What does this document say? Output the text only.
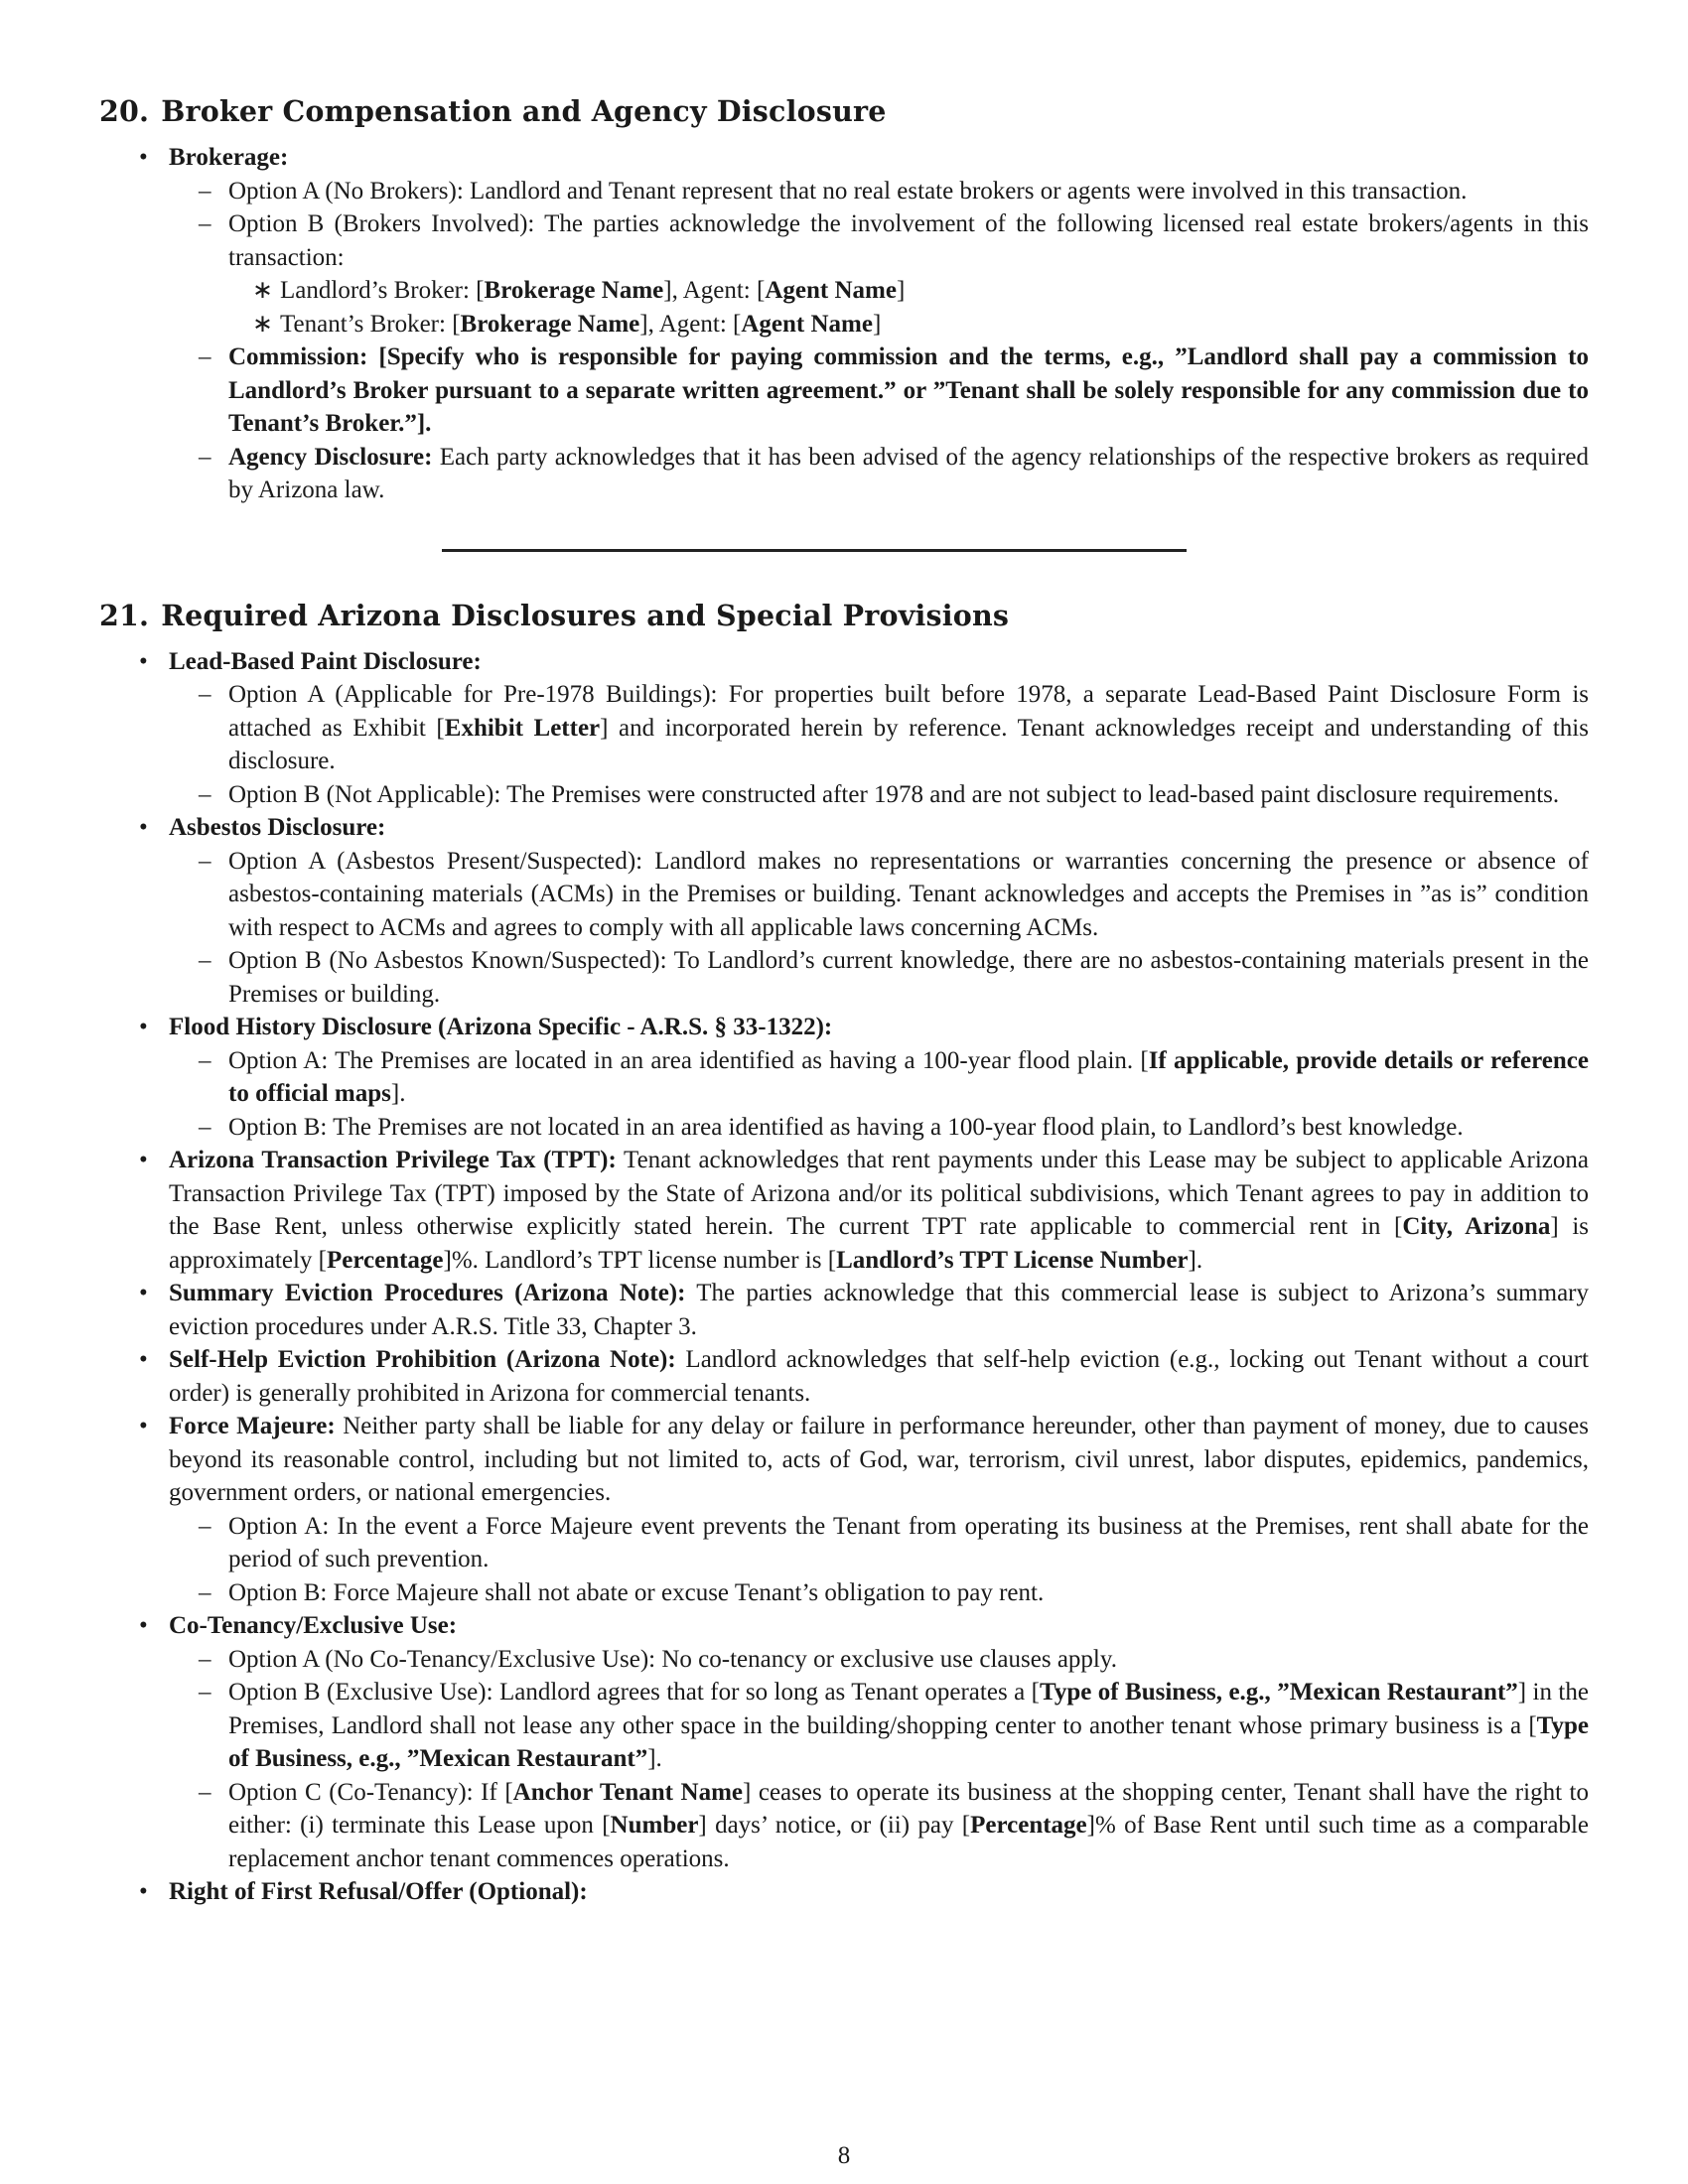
20. Broker Compensation and Agency Disclosure
• Brokerage:
– Option A (No Brokers): Landlord and Tenant represent that no real estate brokers or agents were involved in this transaction.
– Option B (Brokers Involved): The parties acknowledge the involvement of the following licensed real estate brokers/agents in this transaction:
∗ Landlord’s Broker: [Brokerage Name], Agent: [Agent Name]
∗ Tenant’s Broker: [Brokerage Name], Agent: [Agent Name]
– Commission: [Specify who is responsible for paying commission and the terms, e.g., ”Landlord shall pay a commission to Landlord’s Broker pursuant to a separate written agreement.” or ”Tenant shall be solely responsible for any commission due to Tenant’s Broker.”].
– Agency Disclosure: Each party acknowledges that it has been advised of the agency relationships of the respective brokers as required by Arizona law.
21. Required Arizona Disclosures and Special Provisions
• Lead-Based Paint Disclosure:
– Option A (Applicable for Pre-1978 Buildings): For properties built before 1978, a separate Lead-Based Paint Disclosure Form is attached as Exhibit [Exhibit Letter] and incorporated herein by reference. Tenant acknowledges receipt and understanding of this disclosure.
– Option B (Not Applicable): The Premises were constructed after 1978 and are not subject to lead-based paint disclosure requirements.
• Asbestos Disclosure:
– Option A (Asbestos Present/Suspected): Landlord makes no representations or warranties concerning the presence or absence of asbestos-containing materials (ACMs) in the Premises or building. Tenant acknowledges and accepts the Premises in ”as is” condition with respect to ACMs and agrees to comply with all applicable laws concerning ACMs.
– Option B (No Asbestos Known/Suspected): To Landlord’s current knowledge, there are no asbestos-containing materials present in the Premises or building.
• Flood History Disclosure (Arizona Specific - A.R.S. § 33-1322):
– Option A: The Premises are located in an area identified as having a 100-year flood plain. [If applicable, provide details or reference to official maps].
– Option B: The Premises are not located in an area identified as having a 100-year flood plain, to Landlord’s best knowledge.
• Arizona Transaction Privilege Tax (TPT): Tenant acknowledges that rent payments under this Lease may be subject to applicable Arizona Transaction Privilege Tax (TPT) imposed by the State of Arizona and/or its political subdivisions, which Tenant agrees to pay in addition to the Base Rent, unless otherwise explicitly stated herein. The current TPT rate applicable to commercial rent in [City, Arizona] is approximately [Percentage]%. Landlord’s TPT license number is [Landlord’s TPT License Number].
• Summary Eviction Procedures (Arizona Note): The parties acknowledge that this commercial lease is subject to Arizona’s summary eviction procedures under A.R.S. Title 33, Chapter 3.
• Self-Help Eviction Prohibition (Arizona Note): Landlord acknowledges that self-help eviction (e.g., locking out Tenant without a court order) is generally prohibited in Arizona for commercial tenants.
• Force Majeure: Neither party shall be liable for any delay or failure in performance hereunder, other than payment of money, due to causes beyond its reasonable control, including but not limited to, acts of God, war, terrorism, civil unrest, labor disputes, epidemics, pandemics, government orders, or national emergencies.
– Option A: In the event a Force Majeure event prevents the Tenant from operating its business at the Premises, rent shall abate for the period of such prevention.
– Option B: Force Majeure shall not abate or excuse Tenant’s obligation to pay rent.
• Co-Tenancy/Exclusive Use:
– Option A (No Co-Tenancy/Exclusive Use): No co-tenancy or exclusive use clauses apply.
– Option B (Exclusive Use): Landlord agrees that for so long as Tenant operates a [Type of Business, e.g., ”Mexican Restaurant”] in the Premises, Landlord shall not lease any other space in the building/shopping center to another tenant whose primary business is a [Type of Business, e.g., ”Mexican Restaurant”].
– Option C (Co-Tenancy): If [Anchor Tenant Name] ceases to operate its business at the shopping center, Tenant shall have the right to either: (i) terminate this Lease upon [Number] days’ notice, or (ii) pay [Percentage]% of Base Rent until such time as a comparable replacement anchor tenant commences operations.
• Right of First Refusal/Offer (Optional):
8
